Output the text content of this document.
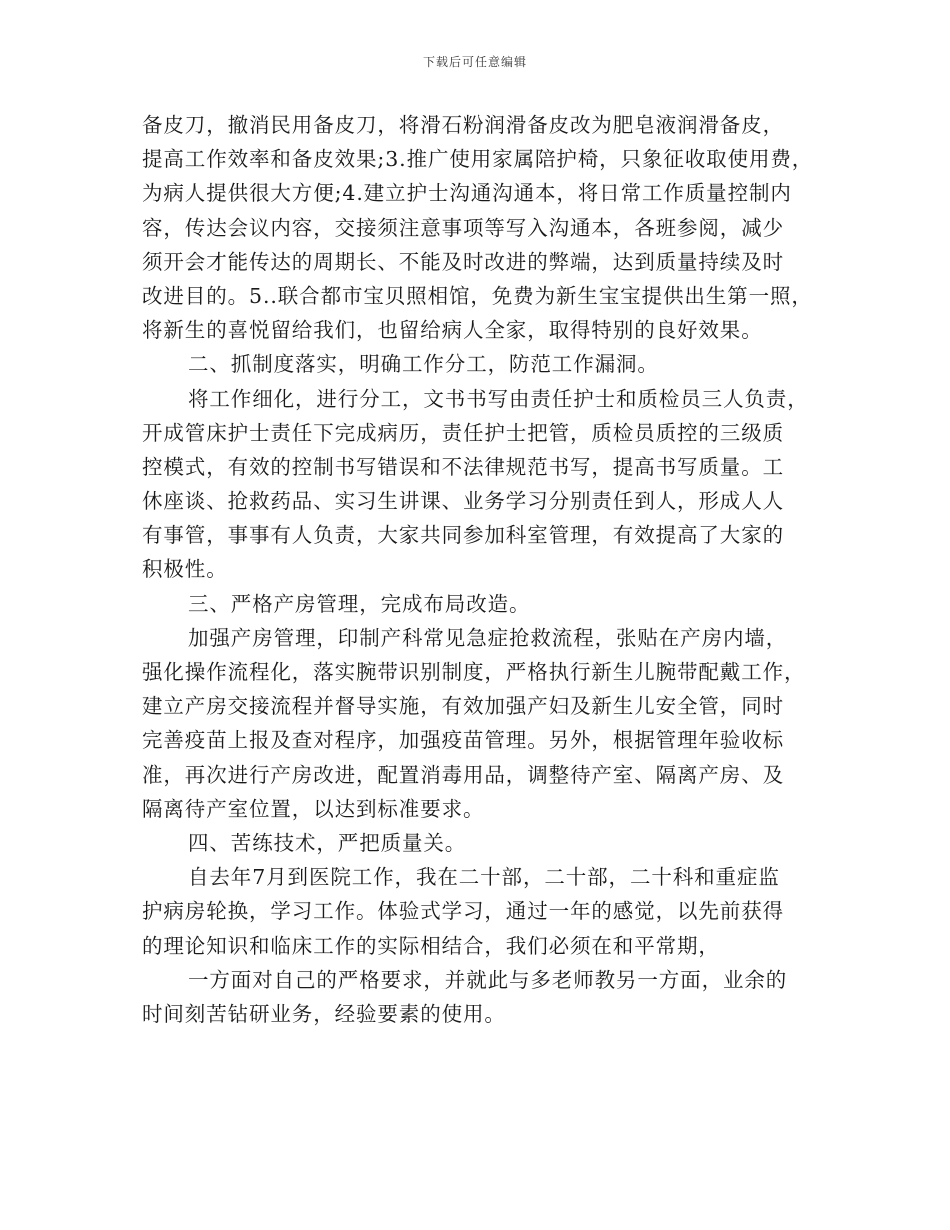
下载后可任意编辑
备皮刀，撤消民用备皮刀，将滑石粉润滑备皮改为肥皂液润滑备皮，
提高工作效率和备皮效果;3.推广使用家属陪护椅，只象征收取使用费，
为病人提供很大方便;4.建立护士沟通沟通本，将日常工作质量控制内
容，传达会议内容，交接须注意事项等写入沟通本，各班参阅，减少
须开会才能传达的周期长、不能及时改进的弊端，达到质量持续及时
改进目的。5..联合都市宝贝照相馆，免费为新生宝宝提供出生第一照，
将新生的喜悦留给我们，也留给病人全家，取得特别的良好效果。
二、抓制度落实，明确工作分工，防范工作漏洞。
将工作细化，进行分工，文书书写由责任护士和质检员三人负责，
开成管床护士责任下完成病历，责任护士把管，质检员质控的三级质
控模式，有效的控制书写错误和不法律规范书写，提高书写质量。工
休座谈、抢救药品、实习生讲课、业务学习分别责任到人，形成人人
有事管，事事有人负责，大家共同参加科室管理，有效提高了大家的
积极性。
三、严格产房管理，完成布局改造。
加强产房管理，印制产科常见急症抢救流程，张贴在产房内墙，
强化操作流程化，落实腕带识别制度，严格执行新生儿腕带配戴工作，
建立产房交接流程并督导实施，有效加强产妇及新生儿安全管，同时
完善疫苗上报及查对程序，加强疫苗管理。另外，根据管理年验收标
准，再次进行产房改进，配置消毒用品，调整待产室、隔离产房、及
隔离待产室位置，以达到标准要求。
四、苦练技术，严把质量关。
自去年7月到医院工作，我在二十部，二十部，二十科和重症监
护病房轮换，学习工作。体验式学习，通过一年的感觉，以先前获得
的理论知识和临床工作的实际相结合，我们必须在和平常期，
一方面对自己的严格要求，并就此与多老师教另一方面，业余的
时间刻苦钻研业务，经验要素的使用。
